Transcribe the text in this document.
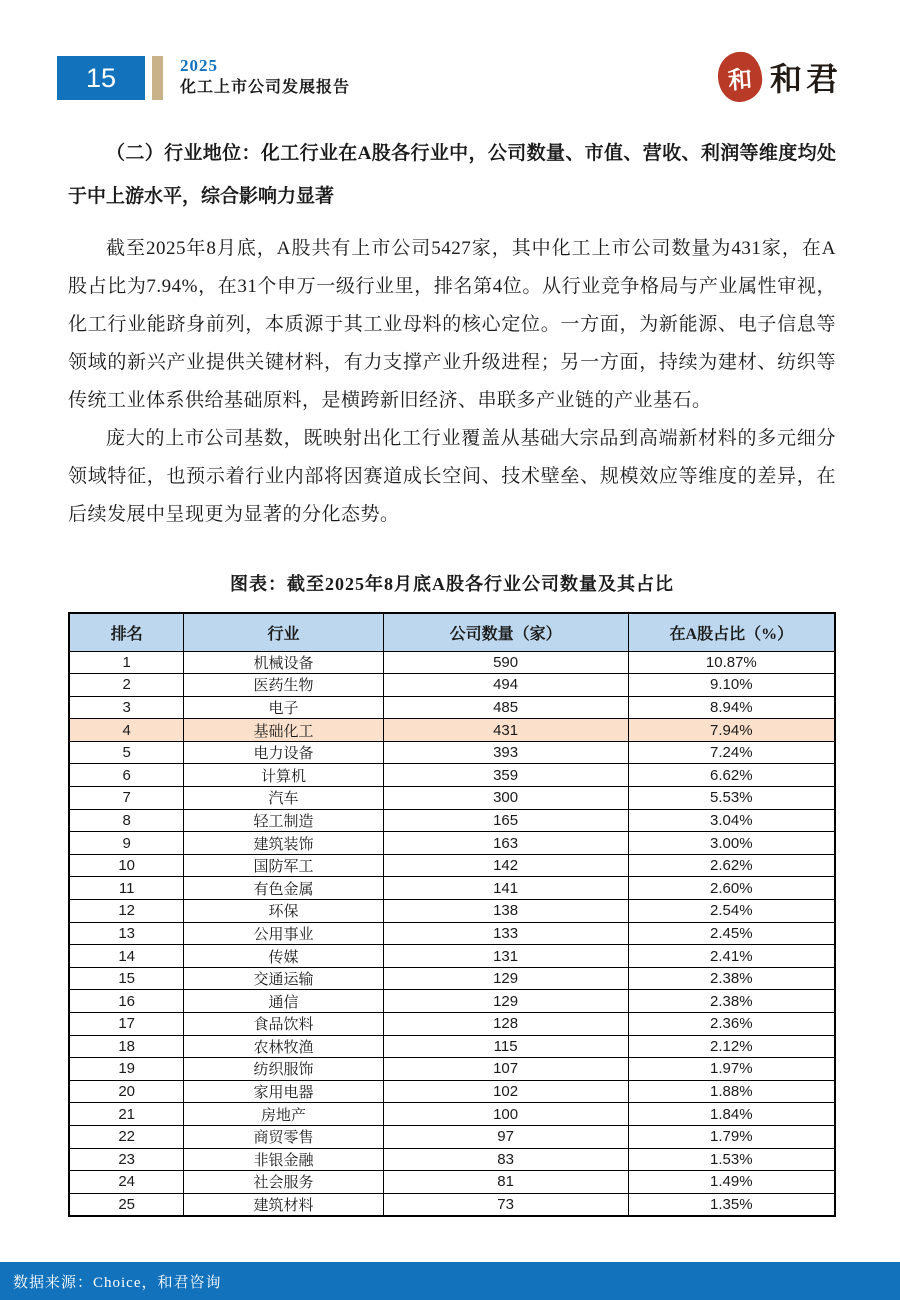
15	2025
化工上市公司发展报告	和 和君
（二）行业地位：化工行业在A股各行业中，公司数量、市值、营收、利润等维度均处于中上游水平，综合影响力显著

截至2025年8月底，A股共有上市公司5427家，其中化工上市公司数量为431家，在A股占比为7.94%，在31个申万一级行业里，排名第4位。从行业竞争格局与产业属性审视，化工行业能跻身前列，本质源于其工业母料的核心定位。一方面，为新能源、电子信息等领域的新兴产业提供关键材料，有力支撑产业升级进程；另一方面，持续为建材、纺织等传统工业体系供给基础原料，是横跨新旧经济、串联多产业链的产业基石。

庞大的上市公司基数，既映射出化工行业覆盖从基础大宗品到高端新材料的多元细分领域特征，也预示着行业内部将因赛道成长空间、技术壁垒、规模效应等维度的差异，在后续发展中呈现更为显著的分化态势。

图表：截至2025年8月底A股各行业公司数量及其占比
排名	行业	公司数量（家）	在A股占比（%）
1	机械设备	590	10.87%
2	医药生物	494	9.10%
3	电子	485	8.94%
4	基础化工	431	7.94%
5	电力设备	393	7.24%
6	计算机	359	6.62%
7	汽车	300	5.53%
8	轻工制造	165	3.04%
9	建筑装饰	163	3.00%
10	国防军工	142	2.62%
11	有色金属	141	2.60%
12	环保	138	2.54%
13	公用事业	133	2.45%
14	传媒	131	2.41%
15	交通运输	129	2.38%
16	通信	129	2.38%
17	食品饮料	128	2.36%
18	农林牧渔	115	2.12%
19	纺织服饰	107	1.97%
20	家用电器	102	1.88%
21	房地产	100	1.84%
22	商贸零售	97	1.79%
23	非银金融	83	1.53%
24	社会服务	81	1.49%
25	建筑材料	73	1.35%
数据来源：Choice，和君咨询
